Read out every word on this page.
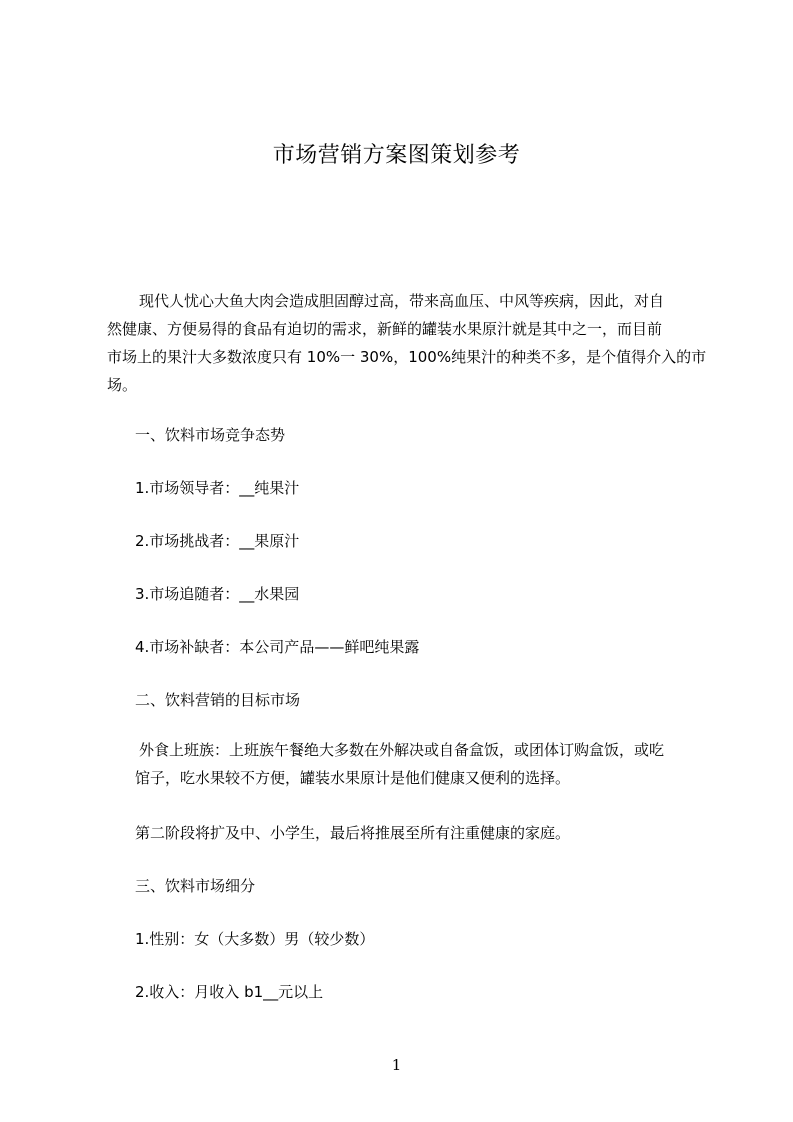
市场营销方案图策划参考
现代人忧心大鱼大肉会造成胆固醇过高，带来高血压、中风等疾病，因此，对自
然健康、方便易得的食品有迫切的需求，新鲜的罐装水果原汁就是其中之一，而目前
市场上的果汁大多数浓度只有 10%一 30%，100%纯果汁的种类不多，是个值得介入的市
场。
一、饮料市场竞争态势
1.市场领导者：__纯果汁
2.市场挑战者：__果原汁
3.市场追随者：__水果园
4.市场补缺者：本公司产品——鲜吧纯果露
二、饮料营销的目标市场
外食上班族：上班族午餐绝大多数在外解决或自备盒饭，或团体订购盒饭，或吃
馆子，吃水果较不方便，罐装水果原计是他们健康又便利的选择。
第二阶段将扩及中、小学生，最后将推展至所有注重健康的家庭。
三、饮料市场细分
1.性别：女（大多数）男（较少数）
2.收入：月收入 b1__元以上
1
